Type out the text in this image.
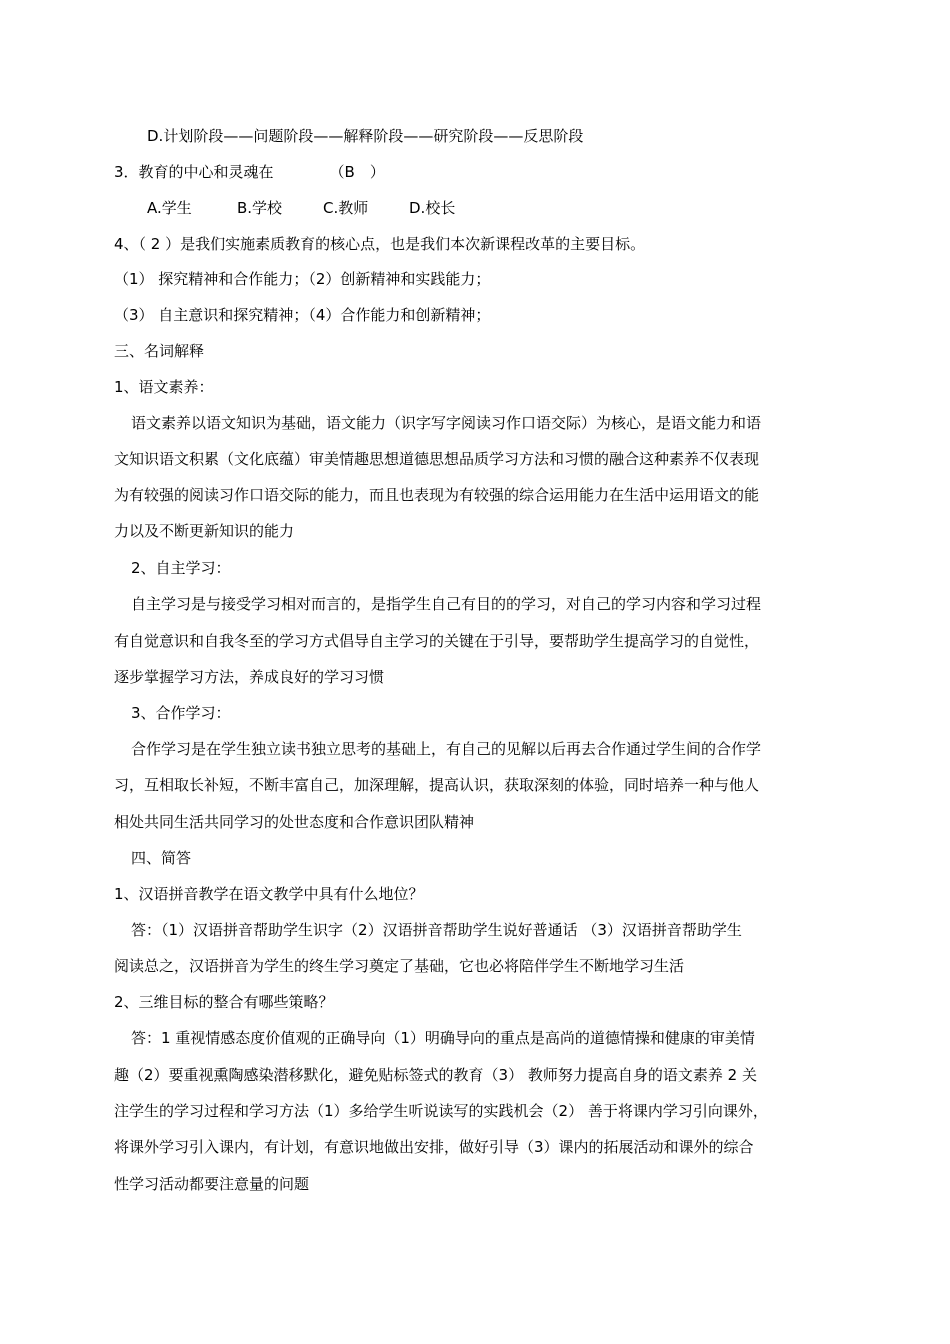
D.计划阶段——问题阶段——解释阶段——研究阶段——反思阶段
3．教育的中心和灵魂在	（B　）
A.学生	B.学校	C.教师	D.校长
4、（ 2 ）是我们实施素质教育的核心点，也是我们本次新课程改革的主要目标。
（1） 探究精神和合作能力；（2）创新精神和实践能力；
（3） 自主意识和探究精神；（4）合作能力和创新精神；
三、名词解释
1、语文素养：
语文素养以语文知识为基础，语文能力（识字写字阅读习作口语交际）为核心，是语文能力和语
文知识语文积累（文化底蕴）审美情趣思想道德思想品质学习方法和习惯的融合这种素养不仅表现
为有较强的阅读习作口语交际的能力，而且也表现为有较强的综合运用能力在生活中运用语文的能
力以及不断更新知识的能力
2、自主学习：
自主学习是与接受学习相对而言的，是指学生自己有目的的学习，对自己的学习内容和学习过程
有自觉意识和自我冬至的学习方式倡导自主学习的关键在于引导，要帮助学生提高学习的自觉性，
逐步掌握学习方法，养成良好的学习习惯
3、合作学习：
合作学习是在学生独立读书独立思考的基础上，有自己的见解以后再去合作通过学生间的合作学
习，互相取长补短，不断丰富自己，加深理解，提高认识，获取深刻的体验，同时培养一种与他人
相处共同生活共同学习的处世态度和合作意识团队精神
四、简答
1、汉语拼音教学在语文教学中具有什么地位？
答：（1）汉语拼音帮助学生识字（2）汉语拼音帮助学生说好普通话 （3）汉语拼音帮助学生
阅读总之，汉语拼音为学生的终生学习奠定了基础，它也必将陪伴学生不断地学习生活
2、三维目标的整合有哪些策略？
答：1 重视情感态度价值观的正确导向（1）明确导向的重点是高尚的道德情操和健康的审美情
趣（2）要重视熏陶感染潜移默化，避免贴标签式的教育（3） 教师努力提高自身的语文素养 2 关
注学生的学习过程和学习方法（1）多给学生听说读写的实践机会（2） 善于将课内学习引向课外，
将课外学习引入课内，有计划，有意识地做出安排，做好引导（3）课内的拓展活动和课外的综合
性学习活动都要注意量的问题
